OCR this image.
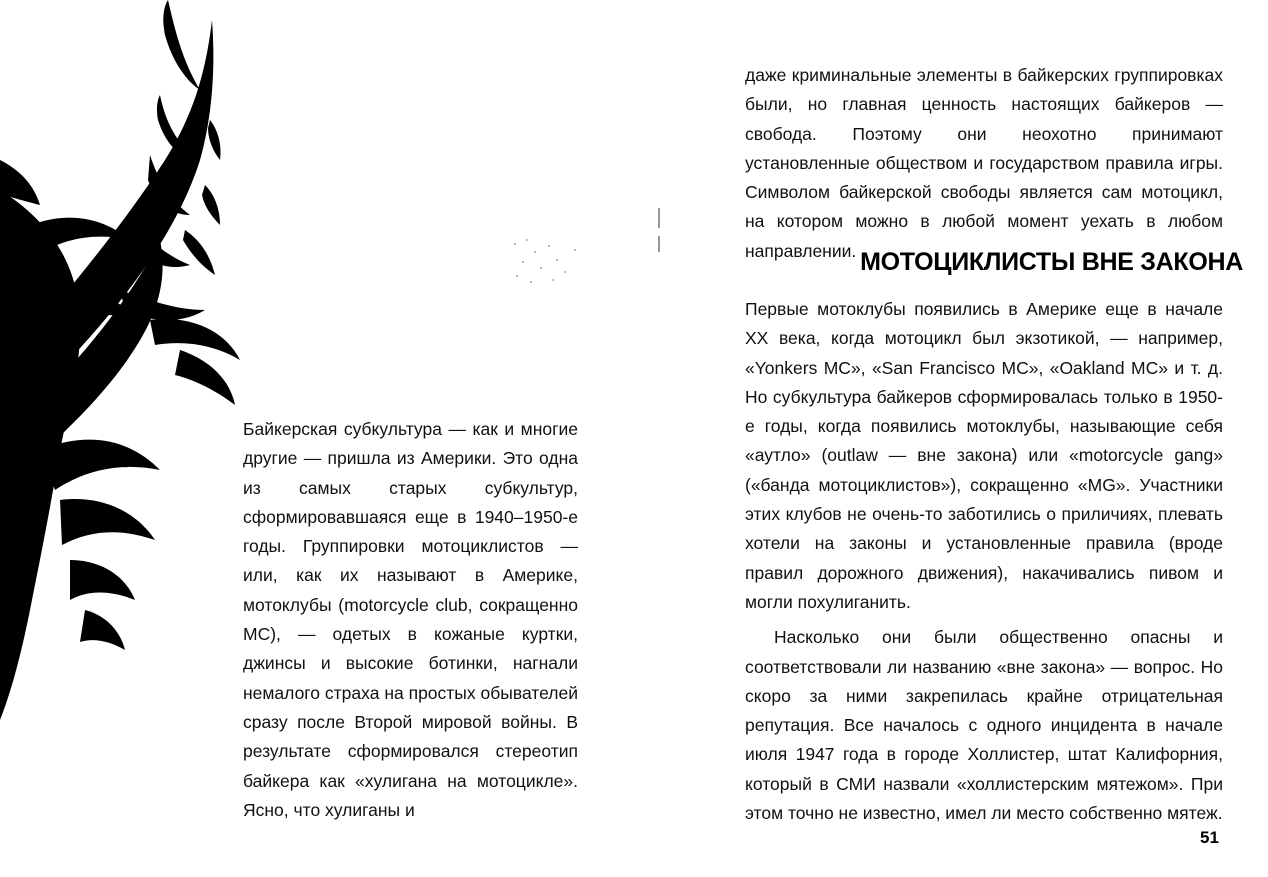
Байкерская субкультура — как и многие другие — пришла из Америки. Это одна из самых старых субкультур, сформировавшаяся еще в 1940–1950-е годы. Группировки мотоциклистов — или, как их называют в Америке, мотоклубы (motorcycle club, сокращенно МС), — одетых в кожаные куртки, джинсы и высокие ботинки, нагнали немалого страха на простых обывателей сразу после Второй мировой войны. В результате сформировался стереотип байкера как «хулигана на мотоцикле». Ясно, что хулиганы и

даже криминальные элементы в байкерских группировках были, но главная ценность настоящих байкеров — свобода. Поэтому они неохотно принимают установленные обществом и государством правила игры. Символом байкерской свободы является сам мотоцикл, на котором можно в любой момент уехать в любом направлении. МОТОЦИКЛИСТЫ ВНЕ ЗАКОНА

Первые мотоклубы появились в Америке еще в начале XX века, когда мотоцикл был экзотикой, — например, «Yonkers MC», «San Francisco MC», «Oakland MC» и т. д. Но субкультура байкеров сформировалась только в 1950-е годы, когда появились мотоклубы, называющие себя «аутло» (outlaw — вне закона) или «motorcycle gang» («банда мотоциклистов»), сокращенно «MG». Участники этих клубов не очень-то заботились о приличиях, плевать хотели на законы и установленные правила (вроде правил дорожного движения), накачивались пивом и могли похулиганить.

Насколько они были общественно опасны и соответствовали ли названию «вне закона» — вопрос. Но скоро за ними закрепилась крайне отрицательная репутация. Все началось с одного инцидента в начале июля 1947 года в городе Холлистер, штат Калифорния, который в СМИ назвали «холлистерским мятежом». При этом точно не известно, имел ли место собственно мятеж.

51
